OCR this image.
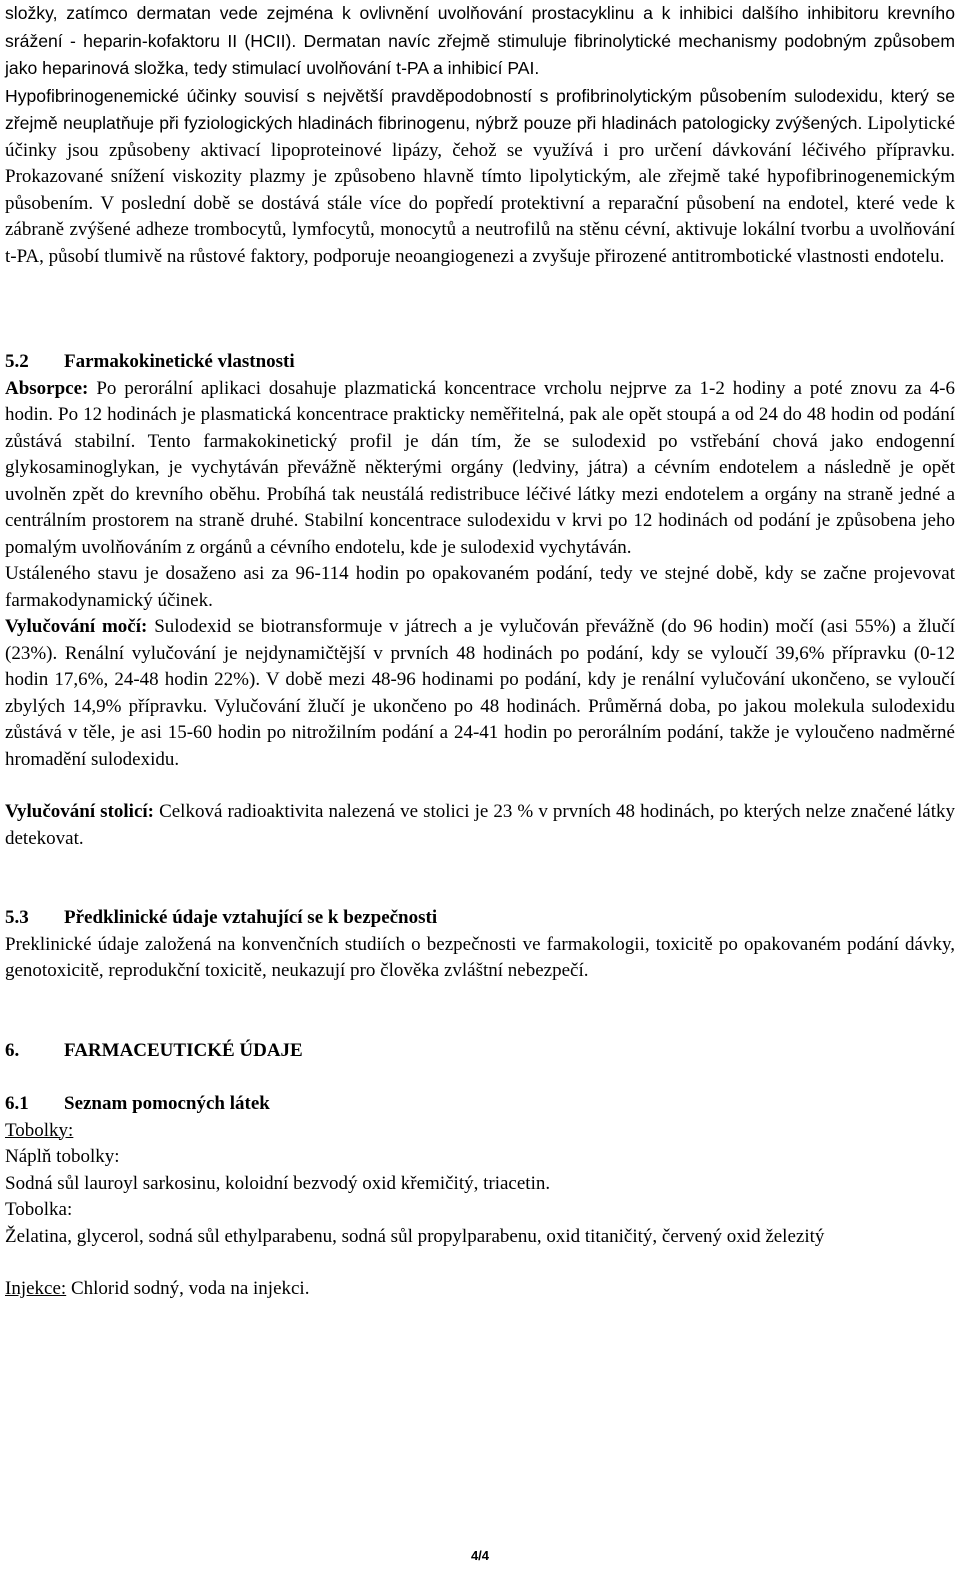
složky, zatímco dermatan vede zejména k ovlivnění uvolňování prostacyklinu a k inhibici dalšího inhibitoru krevního srážení - heparin-kofaktoru II (HCII). Dermatan navíc zřejmě stimuluje fibrinolytické mechanismy podobným způsobem jako heparinová složka, tedy stimulací uvolňování t-PA a inhibicí PAI.
Hypofibrinogenemické účinky souvisí s největší pravděpodobností s profibrinolytickým působením sulodexidu, který se zřejmě neuplatňuje při fyziologických hladinách fibrinogenu, nýbrž pouze při hladinách patologicky zvýšených. Lipolytické účinky jsou způsobeny aktivací lipoproteinové lipázy, čehož se využívá i pro určení dávkování léčivého přípravku. Prokazované snížení viskozity plazmy je způsobeno hlavně tímto lipolytickým, ale zřejmě také hypofibrinogenemickým působením. V poslední době se dostává stále více do popředí protektivní a reparační působení na endotel, které vede k zábraně zvýšené adheze trombocytů, lymfocytů, monocytů a neutrofilů na stěnu cévní, aktivuje lokální tvorbu a uvolňování t-PA, působí tlumivě na růstové faktory, podporuje neoangiogenezi a zvyšuje přirozené antitrombotické vlastnosti endotelu.

5.2 Farmakokinetické vlastnosti

Absorpce: Po perorální aplikaci dosahuje plazmatická koncentrace vrcholu nejprve za 1-2 hodiny a poté znovu za 4-6 hodin. Po 12 hodinách je plasmatická koncentrace prakticky neměřitelná, pak ale opět stoupá a od 24 do 48 hodin od podání zůstává stabilní. Tento farmakokinetický profil je dán tím, že se sulodexid po vstřebání chová jako endogenní glykosaminoglykan, je vychytáván převážně některými orgány (ledviny, játra) a cévním endotelem a následně je opět uvolněn zpět do krevního oběhu. Probíhá tak neustálá redistribuce léčivé látky mezi endotelem a orgány na straně jedné a centrálním prostorem na straně druhé. Stabilní koncentrace sulodexidu v krvi po 12 hodinách od podání je způsobena jeho pomalým uvolňováním z orgánů a cévního endotelu, kde je sulodexid vychytáván.

Ustáleného stavu je dosaženo asi za 96-114 hodin po opakovaném podání, tedy ve stejné době, kdy se začne projevovat farmakodynamický účinek.

Vylučování močí: Sulodexid se biotransformuje v játrech a je vylučován převážně (do 96 hodin) močí (asi 55%) a žlučí (23%). Renální vylučování je nejdynamičtější v prvních 48 hodinách po podání, kdy se vyloučí 39,6% přípravku (0-12 hodin 17,6%, 24-48 hodin 22%). V době mezi 48-96 hodinami po podání, kdy je renální vylučování ukončeno, se vyloučí zbylých 14,9% přípravku. Vylučování žlučí je ukončeno po 48 hodinách. Průměrná doba, po jakou molekula sulodexidu zůstává v těle, je asi 15-60 hodin po nitrožilním podání a 24-41 hodin po perorálním podání, takže je vyloučeno nadměrné hromadění sulodexidu.

Vylučování stolicí: Celková radioaktivita nalezená ve stolici je 23 % v prvních 48 hodinách, po kterých nelze značené látky detekovat.

5.3 Předklinické údaje vztahující se k bezpečnosti

Preklinické údaje založená na konvenčních studiích o bezpečnosti ve farmakologii, toxicitě po opakovaném podání dávky, genotoxicitě, reprodukční toxicitě, neukazují pro člověka zvláštní nebezpečí.

6. FARMACEUTICKÉ ÚDAJE

6.1 Seznam pomocných látek

Tobolky:

Náplň tobolky:

Sodná sůl lauroyl sarkosinu, koloidní bezvodý oxid křemičitý, triacetin.

Tobolka:

Želatina, glycerol, sodná sůl ethylparabenu, sodná sůl propylparabenu, oxid titaničitý, červený oxid železitý

Injekce: Chlorid sodný, voda na injekci.

4/4
